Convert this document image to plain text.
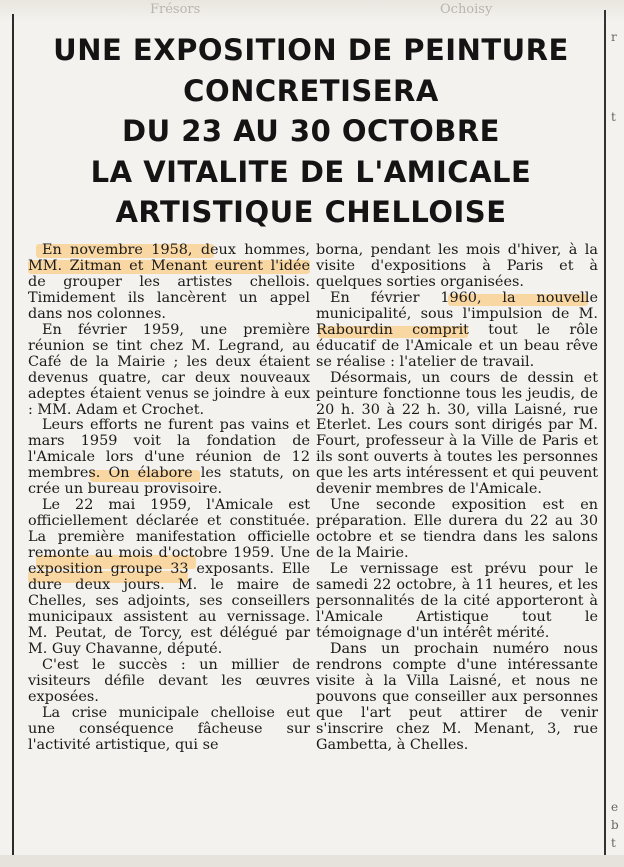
Frésors	Ochoisy
r
t
e
b
t
UNE EXPOSITION DE PEINTURE
CONCRETISERA
DU 23 AU 30 OCTOBRE
LA VITALITE DE L'AMICALE
ARTISTIQUE CHELLOISE

En novembre 1958, deux hommes, MM. Zitman et Menant eurent l'idée de grouper les artistes chellois. Timidement ils lancèrent un appel dans nos colonnes.

En février 1959, une première réunion se tint chez M. Legrand, au Café de la Mairie ; les deux étaient devenus quatre, car deux nouveaux adeptes étaient venus se joindre à eux : MM. Adam et Crochet.

Leurs efforts ne furent pas vains et mars 1959 voit la fondation de l'Amicale lors d'une réunion de 12 membres. On élabore les statuts, on crée un bureau provisoire.

Le 22 mai 1959, l'Amicale est officiellement déclarée et constituée. La première manifestation officielle remonte au mois d'octobre 1959. Une exposition groupe 33 exposants. Elle dure deux jours. M. le maire de Chelles, ses adjoints, ses conseillers municipaux assistent au vernissage. M. Peutat, de Torcy, est délégué par M. Guy Chavanne, député.

C'est le succès : un millier de visiteurs défile devant les œuvres exposées.

La crise municipale chelloise eut une conséquence fâcheuse sur l'activité artistique, qui se

borna, pendant les mois d'hiver, à la visite d'expositions à Paris et à quelques sorties organisées.

En février 1960, la nouvelle municipalité, sous l'impulsion de M. Rabourdin comprit tout le rôle éducatif de l'Amicale et un beau rêve se réalise : l'atelier de travail.

Désormais, un cours de dessin et peinture fonctionne tous les jeudis, de 20 h. 30 à 22 h. 30, villa Laisné, rue Eterlet. Les cours sont dirigés par M. Fourt, professeur à la Ville de Paris et ils sont ouverts à toutes les personnes que les arts intéressent et qui peuvent devenir membres de l'Amicale.

Une seconde exposition est en préparation. Elle durera du 22 au 30 octobre et se tiendra dans les salons de la Mairie.

Le vernissage est prévu pour le samedi 22 octobre, à 11 heures, et les personnalités de la cité apporteront à l'Amicale Artistique tout le témoignage d'un intérêt mérité.

Dans un prochain numéro nous rendrons compte d'une intéressante visite à la Villa Laisné, et nous ne pouvons que conseiller aux personnes que l'art peut attirer de venir s'inscrire chez M. Menant, 3, rue Gambetta, à Chelles.
